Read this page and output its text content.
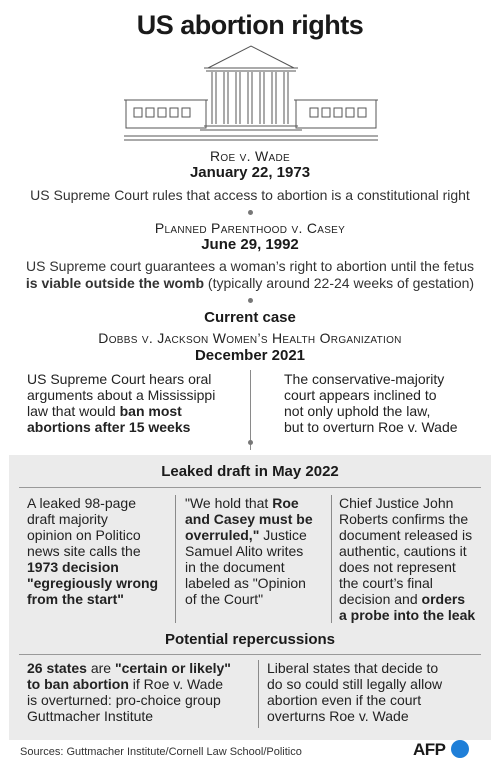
US abortion rights
Roe v. Wade
January 22, 1973
US Supreme Court rules that access to abortion is a constitutional right
Planned Parenthood v. Casey
June 29, 1992
US Supreme court guarantees a woman’s right to abortion until the fetus
is viable outside the womb (typically around 22-24 weeks of gestation)
Current case
Dobbs v. Jackson Women’s Health Organization
December 2021
US Supreme Court hears oral
arguments about a Mississippi
law that would ban most
abortions after 15 weeks
The conservative-majority
court appears inclined to
not only uphold the law,
but to overturn Roe v. Wade
Leaked draft in May 2022
A leaked 98-page
draft majority
opinion on Politico
news site calls the
1973 decision
"egregiously wrong
from the start"
"We hold that Roe
and Casey must be
overruled," Justice
Samuel Alito writes
in the document
labeled as "Opinion
of the Court"
Chief Justice John
Roberts confirms the
document released is
authentic, cautions it
does not represent
the court’s final
decision and orders
a probe into the leak
Potential repercussions
26 states are "certain or likely"
to ban abortion if Roe v. Wade
is overturned: pro-choice group
Guttmacher Institute
Liberal states that decide to
do so could still legally allow
abortion even if the court
overturns Roe v. Wade
Sources: Guttmacher Institute/Cornell Law School/Politico	AFP
